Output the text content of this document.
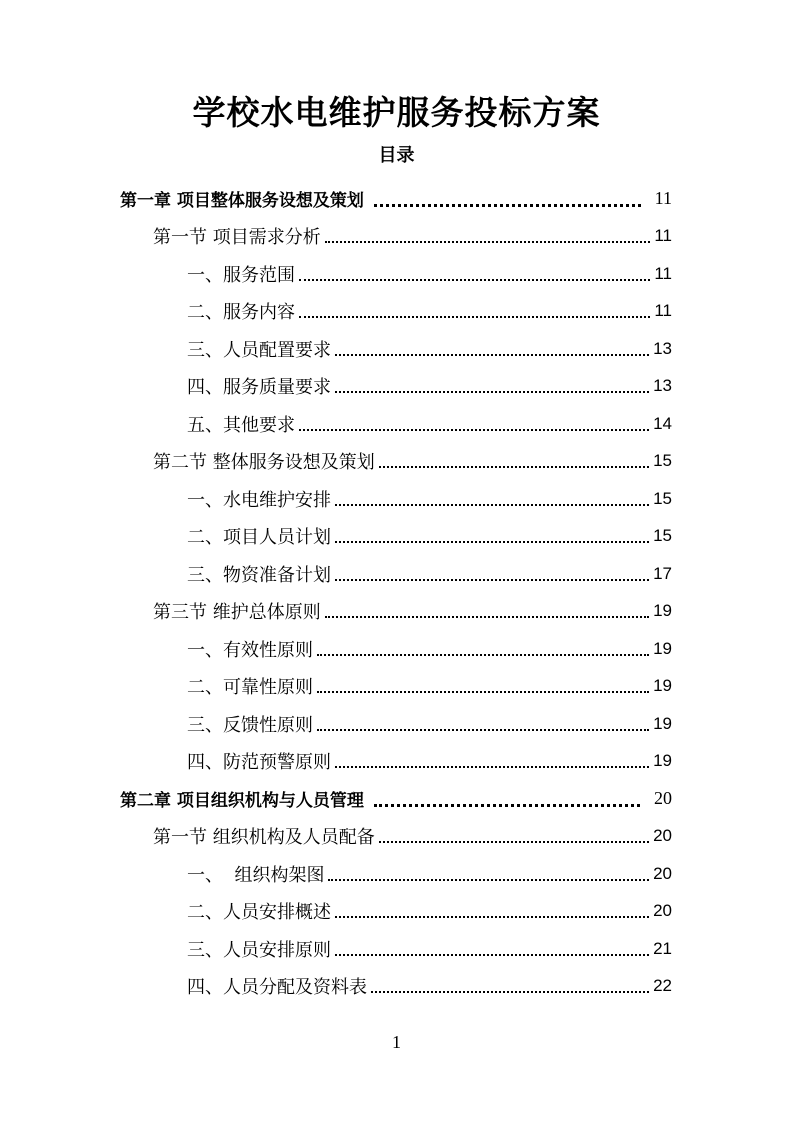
学校水电维护服务投标方案
目录
第一章 项目整体服务设想及策划	11
第一节 项目需求分析	11
一、服务范围	11
二、服务内容	11
三、人员配置要求	13
四、服务质量要求	13
五、其他要求	14
第二节 整体服务设想及策划	15
一、水电维护安排	15
二、项目人员计划	15
三、物资准备计划	17
第三节 维护总体原则	19
一、有效性原则	19
二、可靠性原则	19
三、反馈性原则	19
四、防范预警原则	19
第二章 项目组织机构与人员管理	20
第一节 组织机构及人员配备	20
一、  组织构架图	20
二、人员安排概述	20
三、人员安排原则	21
四、人员分配及资料表	22
1
